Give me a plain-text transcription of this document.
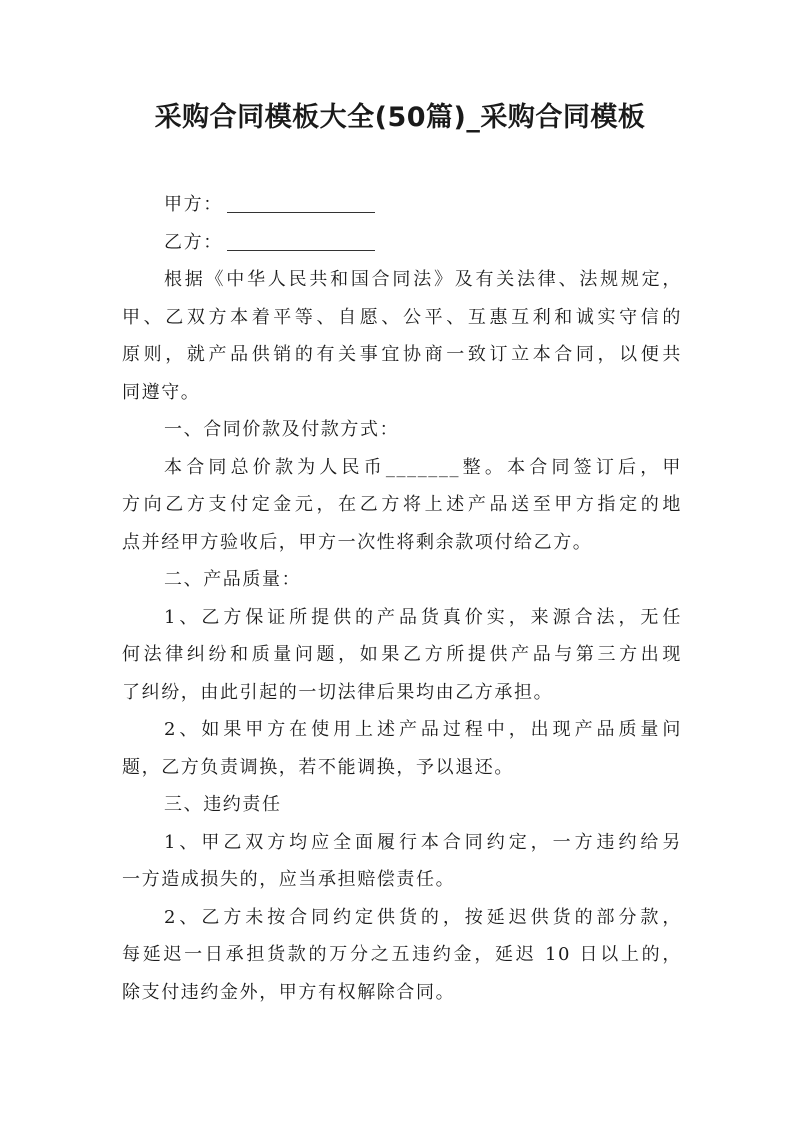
采购合同模板大全(50篇)_采购合同模板

甲方：

乙方：

根据《中华人民共和国合同法》及有关法律、法规规定，

甲、乙双方本着平等、自愿、公平、互惠互利和诚实守信的

原则，就产品供销的有关事宜协商一致订立本合同，以便共

同遵守。

一、合同价款及付款方式：

本合同总价款为人民币_______整。本合同签订后，甲

方向乙方支付定金元，在乙方将上述产品送至甲方指定的地

点并经甲方验收后，甲方一次性将剩余款项付给乙方。

二、产品质量：

1、乙方保证所提供的产品货真价实，来源合法，无任

何法律纠纷和质量问题，如果乙方所提供产品与第三方出现

了纠纷，由此引起的一切法律后果均由乙方承担。

2、如果甲方在使用上述产品过程中，出现产品质量问

题，乙方负责调换，若不能调换，予以退还。

三、违约责任

1、甲乙双方均应全面履行本合同约定，一方违约给另

一方造成损失的，应当承担赔偿责任。

2、乙方未按合同约定供货的，按延迟供货的部分款，

每延迟一日承担货款的万分之五违约金，延迟 10 日以上的，

除支付违约金外，甲方有权解除合同。
